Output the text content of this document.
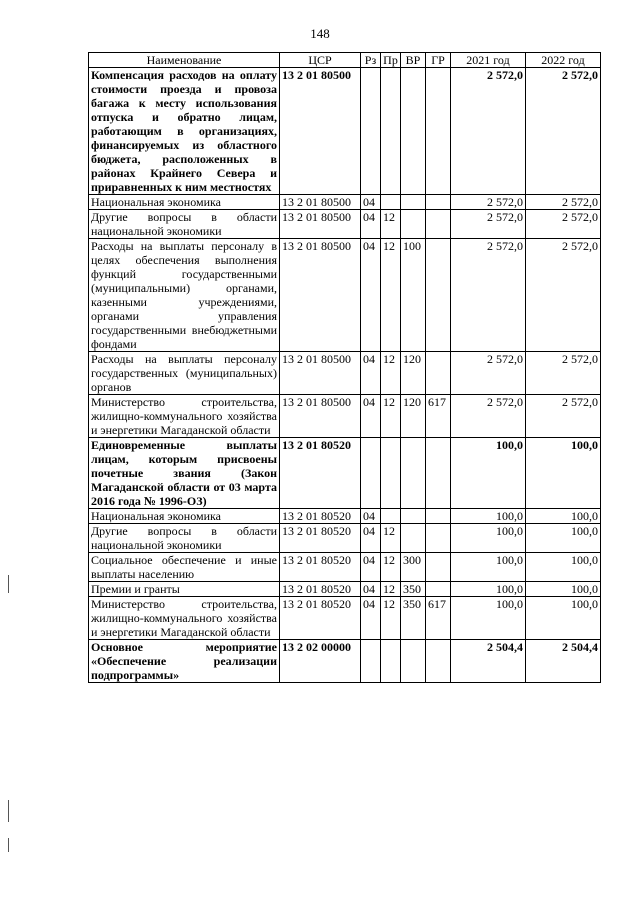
148
Наименование	ЦСР	Рз	Пр	ВР	ГР	2021 год	2022 год
Компенсация расходов на оплату стоимости проезда и провоза багажа к месту использования отпуска и обратно лицам, работающим в организациях, финансируемых из областного бюджета, расположенных в районах Крайнего Севера и приравненных к ним местностях	13 2 01 80500					2 572,0	2 572,0
Национальная экономика	13 2 01 80500	04				2 572,0	2 572,0
Другие вопросы в области национальной экономики	13 2 01 80500	04	12			2 572,0	2 572,0
Расходы на выплаты персоналу в целях обеспечения выполнения функций государственными (муниципальными) органами, казенными учреждениями, органами управления государственными внебюджетными фондами	13 2 01 80500	04	12	100		2 572,0	2 572,0
Расходы на выплаты персоналу государственных (муниципальных) органов	13 2 01 80500	04	12	120		2 572,0	2 572,0
Министерство строительства, жилищно-коммунального хозяйства и энергетики Магаданской области	13 2 01 80500	04	12	120	617	2 572,0	2 572,0
Единовременные выплаты лицам, которым присвоены почетные звания (Закон Магаданской области от 03 марта 2016 года № 1996-ОЗ)	13 2 01 80520					100,0	100,0
Национальная экономика	13 2 01 80520	04				100,0	100,0
Другие вопросы в области национальной экономики	13 2 01 80520	04	12			100,0	100,0
Социальное обеспечение и иные выплаты населению	13 2 01 80520	04	12	300		100,0	100,0
Премии и гранты	13 2 01 80520	04	12	350		100,0	100,0
Министерство строительства, жилищно-коммунального хозяйства и энергетики Магаданской области	13 2 01 80520	04	12	350	617	100,0	100,0
Основное мероприятие «Обеспечение реализации подпрограммы»	13 2 02 00000					2 504,4	2 504,4
